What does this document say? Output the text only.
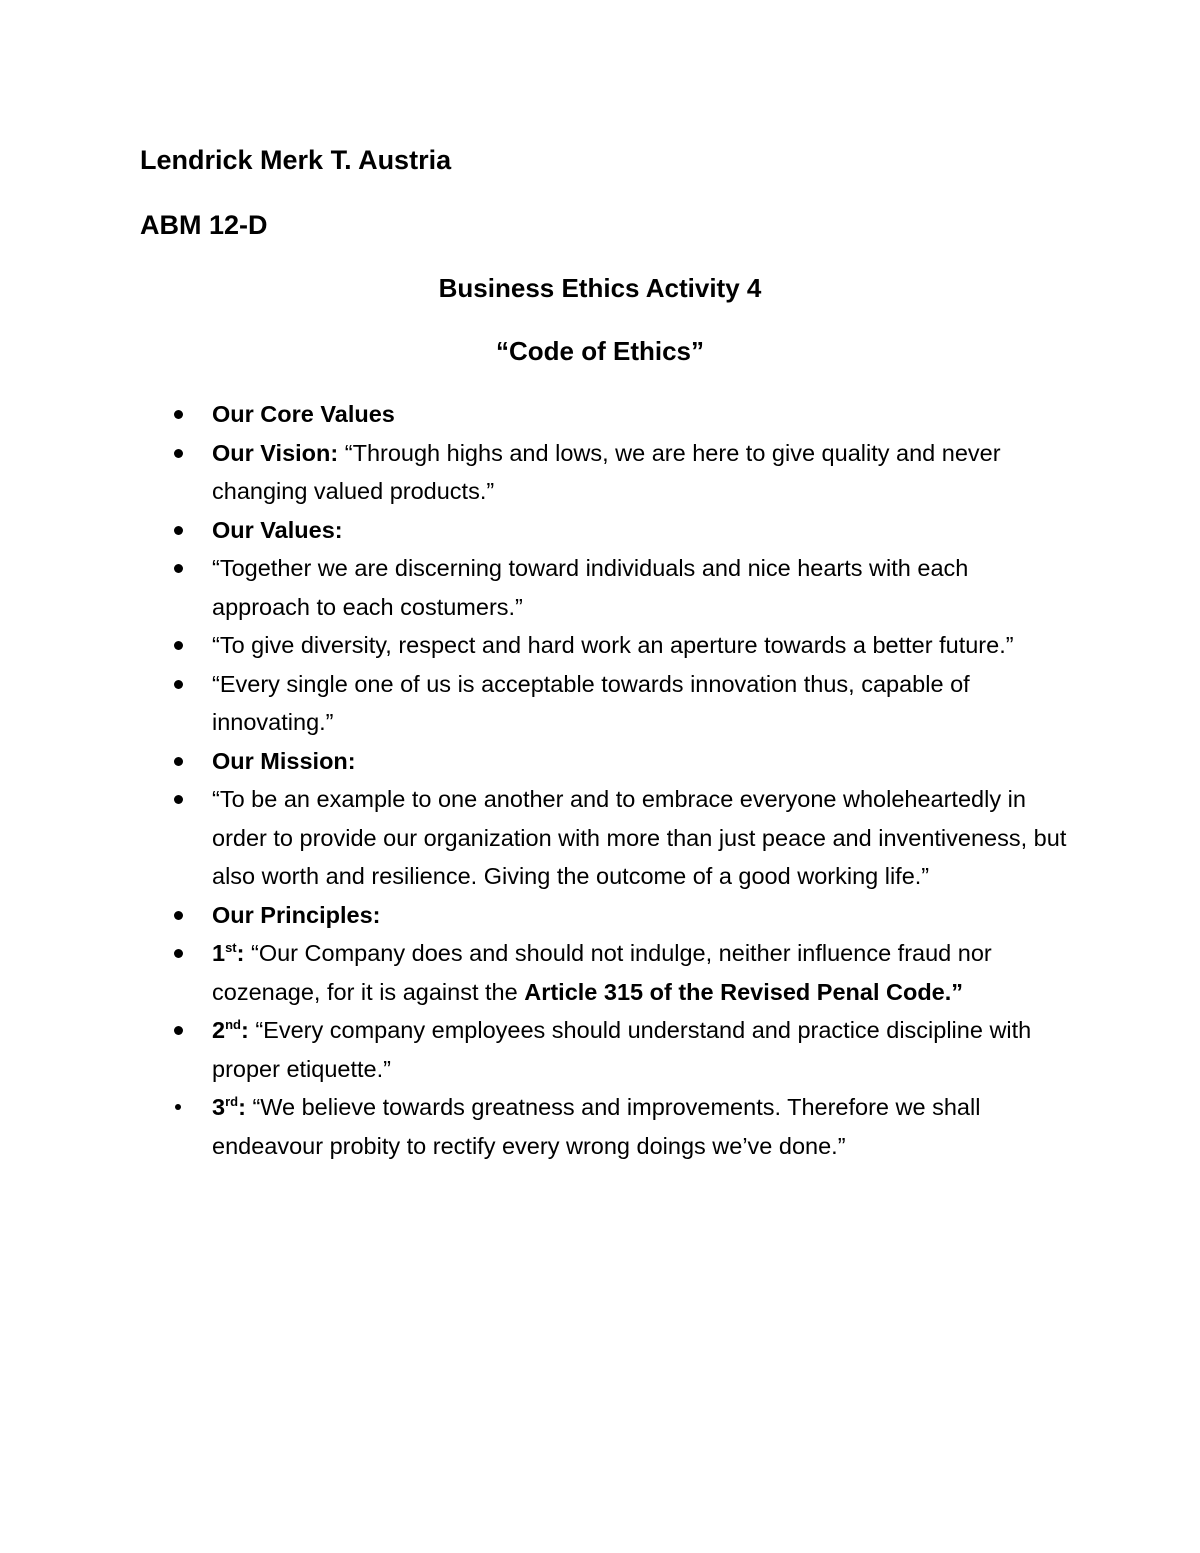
Lendrick Merk T. Austria
ABM 12-D
Business Ethics Activity 4
“Code of Ethics”
Our Core Values
Our Vision: “Through highs and lows, we are here to give quality and never changing valued products.”
Our Values:
“Together we are discerning toward individuals and nice hearts with each approach to each costumers.”
“To give diversity, respect and hard work an aperture towards a better future.”
“Every single one of us is acceptable towards innovation thus, capable of innovating.”
Our Mission:
“To be an example to one another and to embrace everyone wholeheartedly in order to provide our organization with more than just peace and inventiveness, but also worth and resilience. Giving the outcome of a good working life.”
Our Principles:
1st: “Our Company does and should not indulge, neither influence fraud nor cozenage, for it is against the Article 315 of the Revised Penal Code.”
2nd: “Every company employees should understand and practice discipline with proper etiquette.”
3rd: “We believe towards greatness and improvements. Therefore we shall endeavour probity to rectify every wrong doings we’ve done.”
